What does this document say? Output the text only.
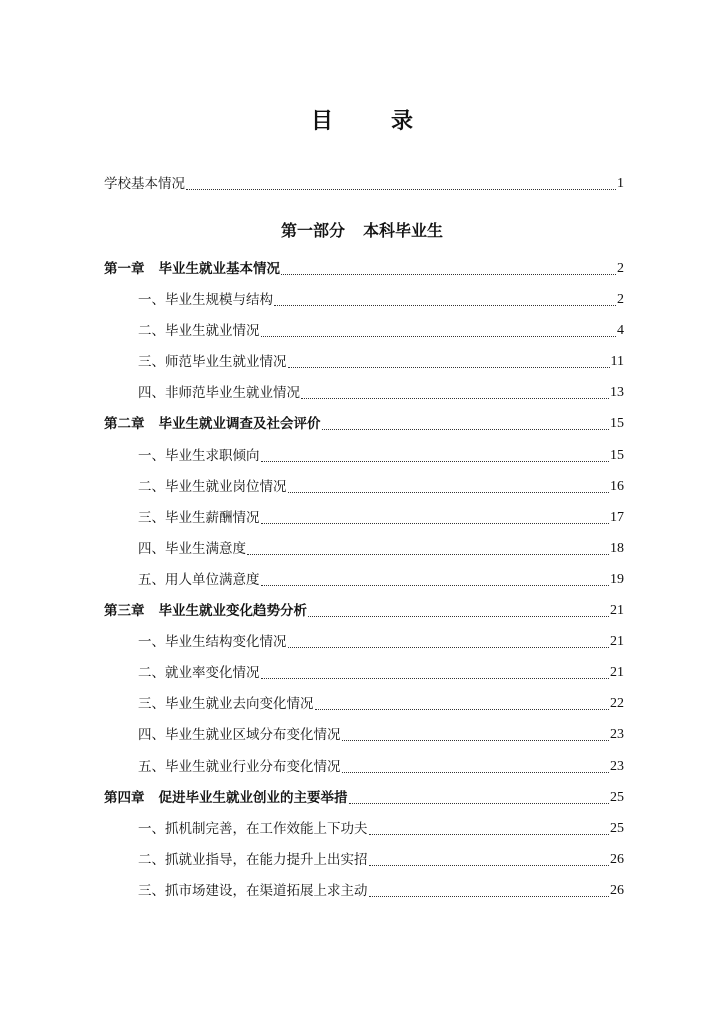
目　录
学校基本情况	1
第一部分 本科毕业生
第一章 毕业生就业基本情况	2
一、毕业生规模与结构	2
二、毕业生就业情况	4
三、师范毕业生就业情况	11
四、非师范毕业生就业情况	13
第二章 毕业生就业调查及社会评价	15
一、毕业生求职倾向	15
二、毕业生就业岗位情况	16
三、毕业生薪酬情况	17
四、毕业生满意度	18
五、用人单位满意度	19
第三章 毕业生就业变化趋势分析	21
一、毕业生结构变化情况	21
二、就业率变化情况	21
三、毕业生就业去向变化情况	22
四、毕业生就业区域分布变化情况	23
五、毕业生就业行业分布变化情况	23
第四章 促进毕业生就业创业的主要举措	25
一、抓机制完善，在工作效能上下功夫	25
二、抓就业指导，在能力提升上出实招	26
三、抓市场建设，在渠道拓展上求主动	26
